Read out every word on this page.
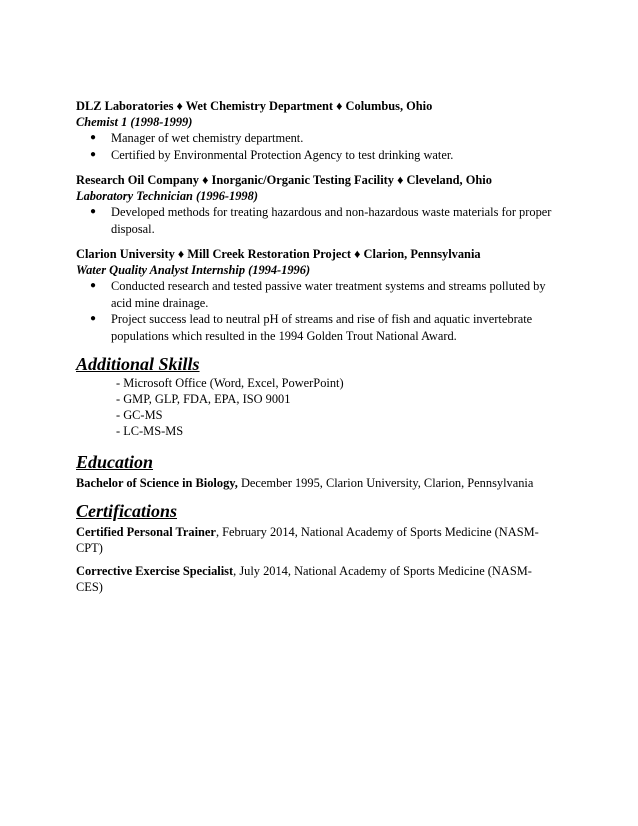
DLZ Laboratories ♦ Wet Chemistry Department ♦ Columbus, Ohio
Chemist 1 (1998-1999)
● Manager of wet chemistry department.
● Certified by Environmental Protection Agency to test drinking water.
Research Oil Company ♦ Inorganic/Organic Testing Facility ♦ Cleveland, Ohio
Laboratory Technician (1996-1998)
● Developed methods for treating hazardous and non-hazardous waste materials for proper
disposal.
Clarion University ♦ Mill Creek Restoration Project ♦ Clarion, Pennsylvania
Water Quality Analyst Internship (1994-1996)
● Conducted research and tested passive water treatment systems and streams polluted by
acid mine drainage.
● Project success lead to neutral pH of streams and rise of fish and aquatic invertebrate
populations which resulted in the 1994 Golden Trout National Award.
Additional Skills
- Microsoft Office (Word, Excel, PowerPoint)
- GMP, GLP, FDA, EPA, ISO 9001
- GC-MS
- LC-MS-MS
Education
Bachelor of Science in Biology, December 1995, Clarion University, Clarion, Pennsylvania
Certifications
Certified Personal Trainer, February 2014, National Academy of Sports Medicine (NASM-
CPT)
Corrective Exercise Specialist, July 2014, National Academy of Sports Medicine (NASM-
CES)
